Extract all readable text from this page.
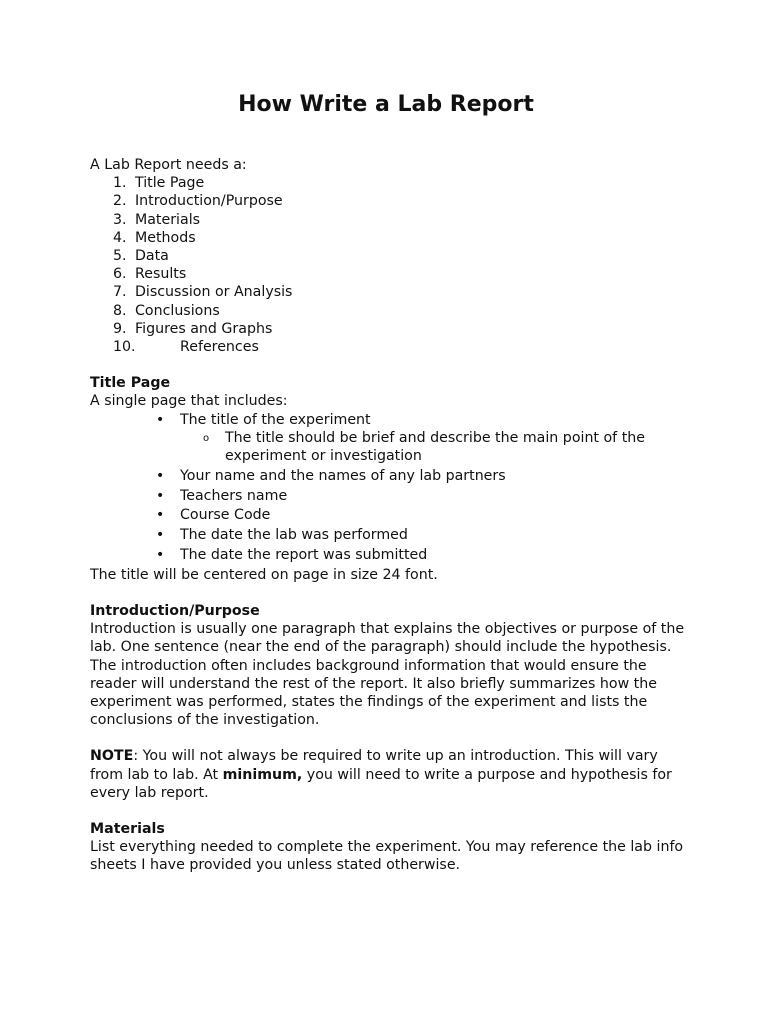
How Write a Lab Report

A Lab Report needs a:

1. Title Page
2. Introduction/Purpose
3. Materials
4. Methods
5. Data
6. Results
7. Discussion or Analysis
8. Conclusions
9. Figures and Graphs
10.	References

Title Page

A single page that includes:

• The title of the experiment
o The title should be brief and describe the main point of the experiment or investigation
• Your name and the names of any lab partners
• Teachers name
• Course Code
• The date the lab was performed
• The date the report was submitted

The title will be centered on page in size 24 font.

Introduction/Purpose

Introduction is usually one paragraph that explains the objectives or purpose of the lab. One sentence (near the end of the paragraph) should include the hypothesis. The introduction often includes background information that would ensure the reader will understand the rest of the report. It also briefly summarizes how the experiment was performed, states the findings of the experiment and lists the conclusions of the investigation.

NOTE: You will not always be required to write up an introduction. This will vary from lab to lab. At minimum, you will need to write a purpose and hypothesis for every lab report.

Materials

List everything needed to complete the experiment. You may reference the lab info sheets I have provided you unless stated otherwise.
